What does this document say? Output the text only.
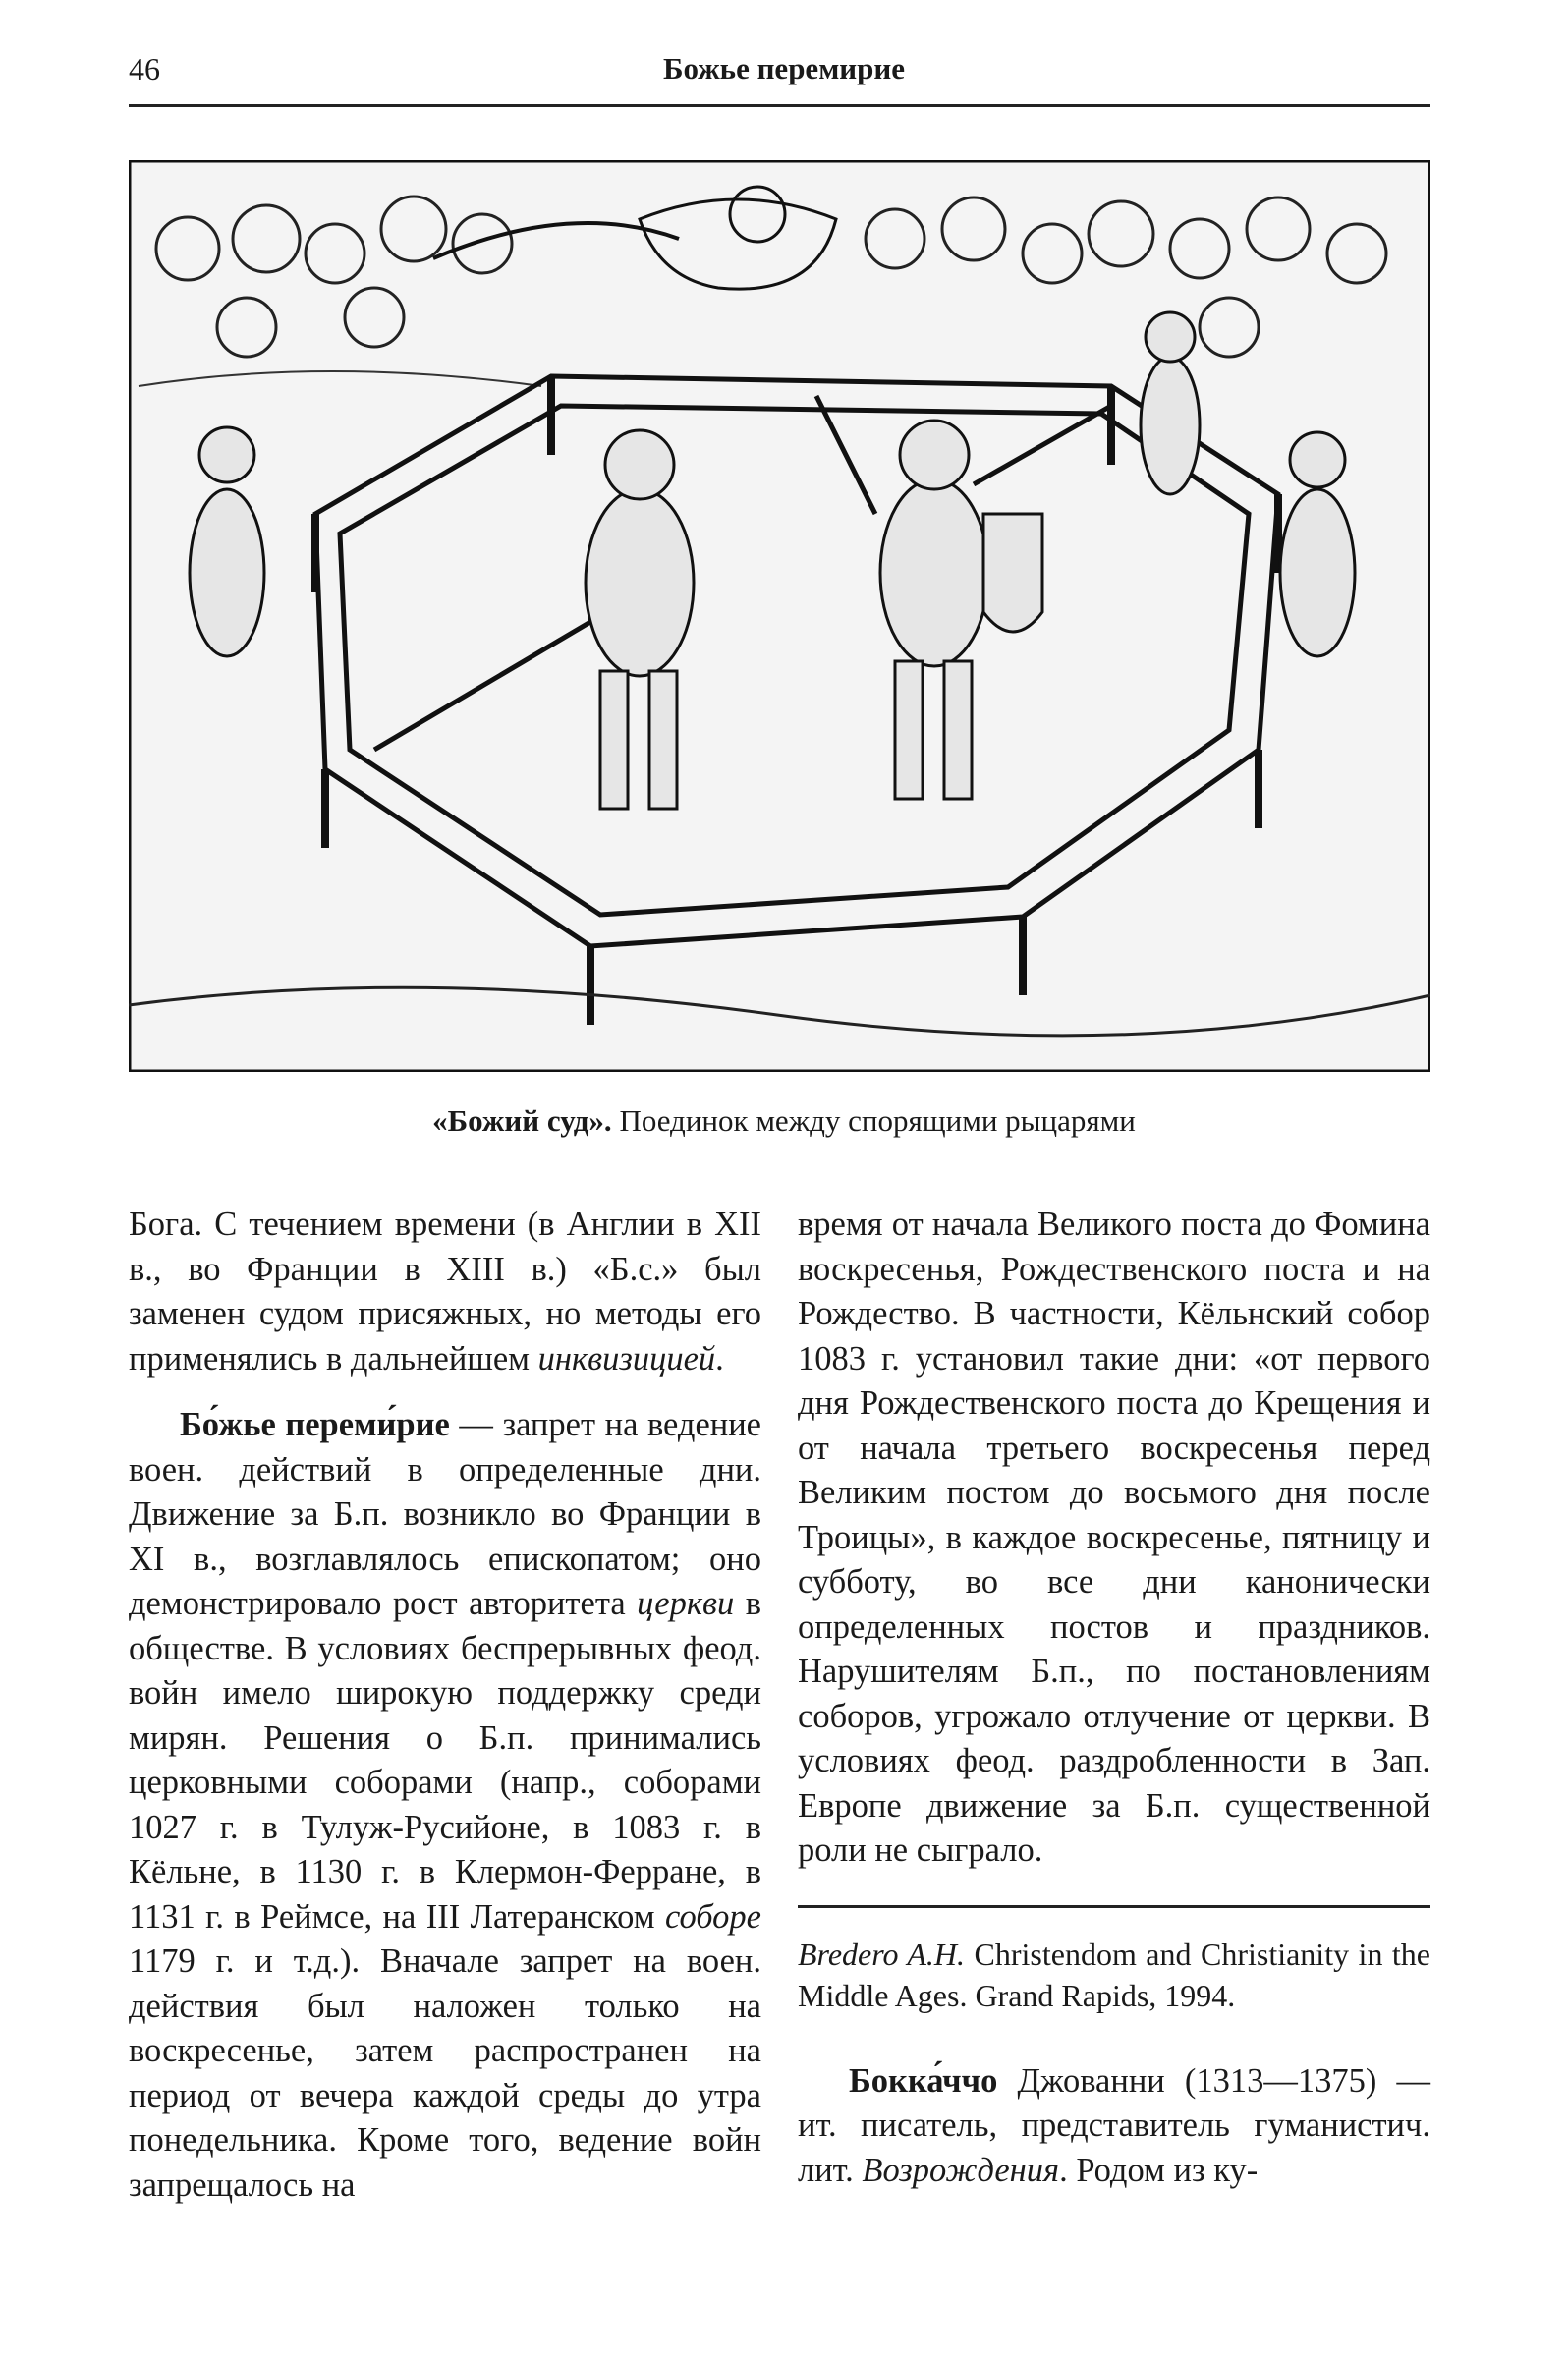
46	Божье перемирие
«Божий суд». Поединок между спорящими рыцарями

Бога. С течением времени (в Англии в XII в., во Франции в XIII в.) «Б.с.» был заменен судом присяжных, но методы его применялись в дальнейшем инквизицией.

Бо́жье переми́рие — запрет на ведение воен. действий в определенные дни. Движение за Б.п. возникло во Франции в XI в., возглавлялось епископатом; оно демонстрировало рост авторитета церкви в обществе. В условиях беспрерывных феод. войн имело широкую поддержку среди мирян. Решения о Б.п. принимались церковными соборами (напр., соборами 1027 г. в Тулуж-Русийоне, в 1083 г. в Кёльне, в 1130 г. в Клермон-Ферране, в 1131 г. в Реймсе, на III Латеранском соборе 1179 г. и т.д.). Вначале запрет на воен. действия был наложен только на воскресенье, затем распространен на период от вечера каждой среды до утра понедельника. Кроме того, ведение войн запрещалось на

время от начала Великого поста до Фомина воскресенья, Рождественского поста и на Рождество. В частности, Кёльнский собор 1083 г. установил такие дни: «от первого дня Рождественского поста до Крещения и от начала третьего воскресенья перед Великим постом до восьмого дня после Троицы», в каждое воскресенье, пятницу и субботу, во все дни канонически определенных постов и праздников. Нарушителям Б.п., по постановлениям соборов, угрожало отлучение от церкви. В условиях феод. раздробленности в Зап. Европе движение за Б.п. существенной роли не сыграло.

Bredero A.H. Christendom and Christianity in the Middle Ages. Grand Rapids, 1994.

Бокка́ччо Джованни (1313—1375) — ит. писатель, представитель гуманистич. лит. Возрождения. Родом из ку-
